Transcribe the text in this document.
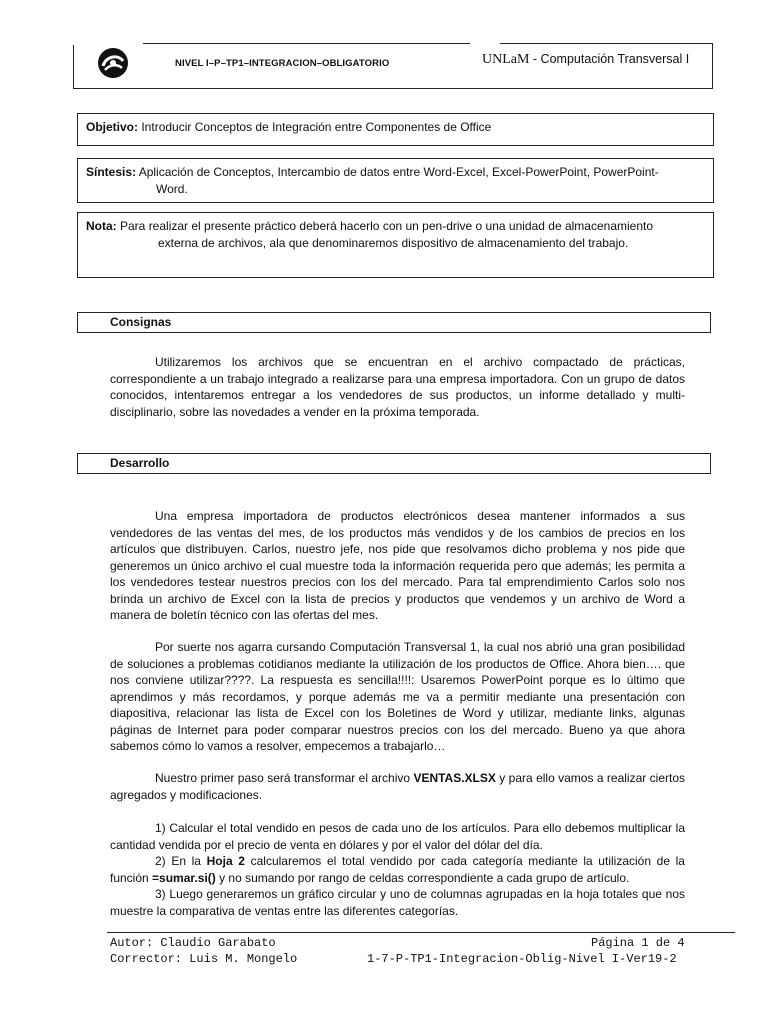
NIVEL I–P–TP1–INTEGRACION–OBLIGATORIO	UNLaM - Computación Transversal I
Objetivo: Introducir Conceptos de Integración entre Componentes de Office
Síntesis: Aplicación de Conceptos, Intercambio de datos entre Word-Excel, Excel-PowerPoint, PowerPoint-
Word.
Nota: Para realizar el presente práctico deberá hacerlo con un pen-drive o una unidad de almacenamiento
externa de archivos, ala que denominaremos dispositivo de almacenamiento del trabajo.
Consignas
Utilizaremos los archivos que se encuentran en el archivo compactado de prácticas, correspondiente a un trabajo integrado a realizarse para una empresa importadora. Con un grupo de datos conocidos, intentaremos entregar a los vendedores de sus productos, un informe detallado y multi-disciplinario, sobre las novedades a vender en la próxima temporada.
Desarrollo
Una empresa importadora de productos electrónicos desea mantener informados a sus vendedores de las ventas del mes, de los productos más vendidos y de los cambios de precios en los artículos que distribuyen. Carlos, nuestro jefe, nos pide que resolvamos dicho problema y nos pide que generemos un único archivo el cual muestre toda la información requerida pero que además; les permita a los vendedores testear nuestros precios con los del mercado. Para tal emprendimiento Carlos solo nos brinda un archivo de Excel con la lista de precios y productos que vendemos y un archivo de Word a manera de boletín técnico con las ofertas del mes.
Por suerte nos agarra cursando Computación Transversal 1, la cual nos abrió una gran posibilidad de soluciones a problemas cotidianos mediante la utilización de los productos de Office. Ahora bien…. que nos conviene utilizar????. La respuesta es sencilla!!!!: Usaremos PowerPoint porque es lo último que aprendimos y más recordamos, y porque además me va a permitir mediante una presentación con diapositiva, relacionar las lista de Excel con los Boletines de Word y utilizar, mediante links, algunas páginas de Internet para poder comparar nuestros precios con los del mercado. Bueno ya que ahora sabemos cómo lo vamos a resolver, empecemos a trabajarlo…
Nuestro primer paso será transformar el archivo VENTAS.XLSX y para ello vamos a realizar ciertos agregados y modificaciones.

1) Calcular el total vendido en pesos de cada uno de los artículos. Para ello debemos multiplicar la cantidad vendida por el precio de venta en dólares y por el valor del dólar del día.

2) En la Hoja 2 calcularemos el total vendido por cada categoría mediante la utilización de la función =sumar.si() y no sumando por rango de celdas correspondiente a cada grupo de artículo.

3) Luego generaremos un gráfico circular y uno de columnas agrupadas en la hoja totales que nos muestre la comparativa de ventas entre las diferentes categorías.

Autor: Claudio Garabato	Página 1 de 4
Corrector: Luis M. Mongelo	1-7-P-TP1-Integracion-Oblig-Nivel I-Ver19-2
